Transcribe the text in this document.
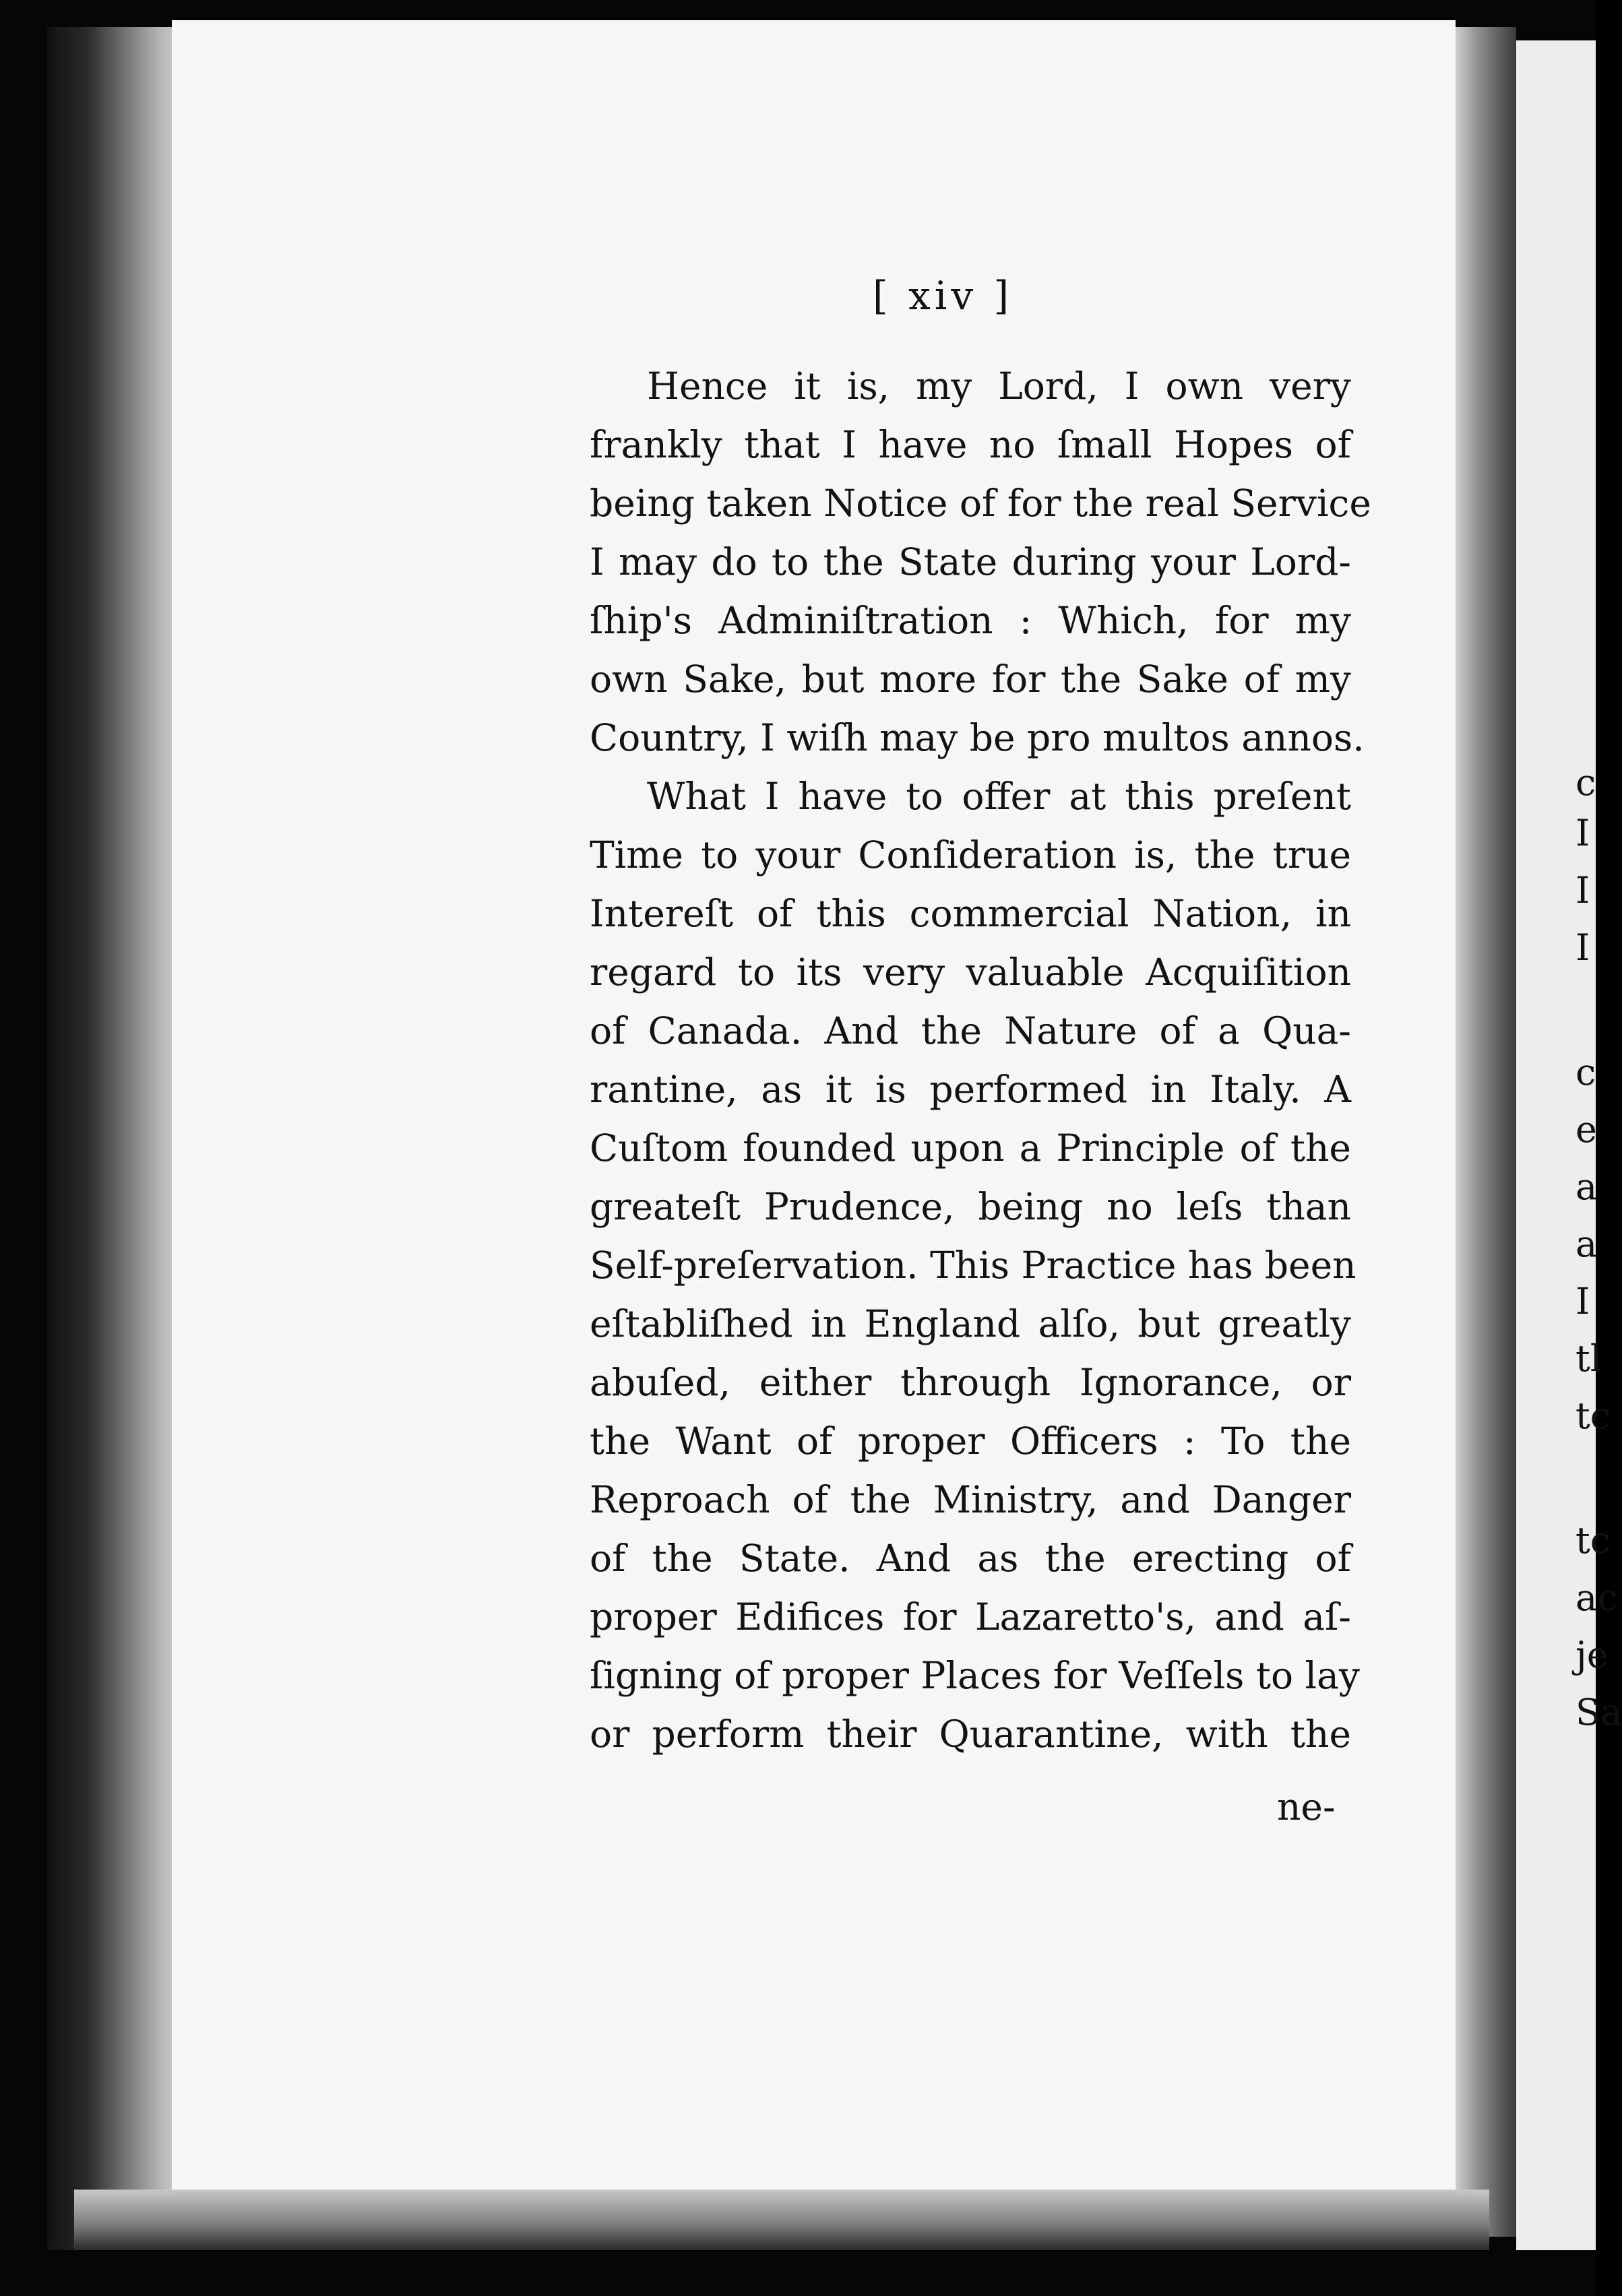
c
I
I
I
c
e
a
a
I
tl
tc
tc
ac
je
Sa
[ xiv ]
Hence it is, my Lord, I own very
frankly that I have no ſmall Hopes of
being taken Notice of for the real Service
I may do to the State during your Lord-
ſhip's Adminiſtration : Which, for my
own Sake, but more for the Sake of my
Country, I wiſh may be pro multos annos.
What I have to offer at this preſent
Time to your Conſideration is, the true
Intereſt of this commercial Nation, in
regard to its very valuable Acquiſition
of Canada. And the Nature of a Qua-
rantine, as it is performed in Italy. A
Cuſtom founded upon a Principle of the
greateſt Prudence, being no leſs than
Self-preſervation. This Practice has been
eſtabliſhed in England alſo, but greatly
abuſed, either through Ignorance, or
the Want of proper Officers : To the
Reproach of the Ministry, and Danger
of the State. And as the erecting of
proper Edifices for Lazaretto's, and aſ-
ſigning of proper Places for Veſſels to lay
or perform their Quarantine, with the
ne-
